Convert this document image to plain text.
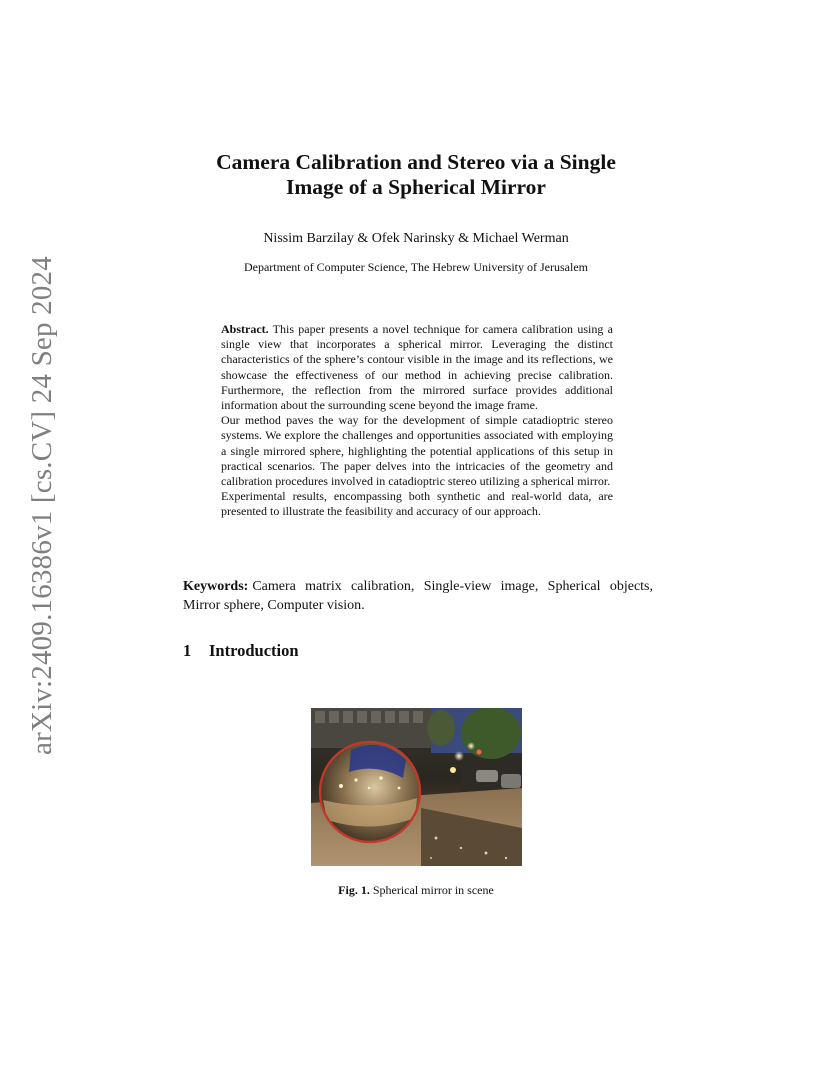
arXiv:2409.16386v1 [cs.CV] 24 Sep 2024
Camera Calibration and Stereo via a Single
Image of a Spherical Mirror
Nissim Barzilay & Ofek Narinsky & Michael Werman
Department of Computer Science, The Hebrew University of Jerusalem

Abstract. This paper presents a novel technique for camera calibration using a single view that incorporates a spherical mirror. Leveraging the distinct characteristics of the sphere’s contour visible in the image and its reflections, we showcase the effectiveness of our method in achieving precise calibration. Furthermore, the reflection from the mirrored surface provides additional information about the surrounding scene beyond the image frame.

Our method paves the way for the development of simple catadioptric stereo systems. We explore the challenges and opportunities associated with employing a single mirrored sphere, highlighting the potential applications of this setup in practical scenarios. The paper delves into the intricacies of the geometry and calibration procedures involved in catadioptric stereo utilizing a spherical mirror.

Experimental results, encompassing both synthetic and real-world data, are presented to illustrate the feasibility and accuracy of our approach.

Keywords: Camera matrix calibration, Single-view image, Spherical objects, Mirror sphere, Computer vision.
1 Introduction
Fig. 1. Spherical mirror in scene
